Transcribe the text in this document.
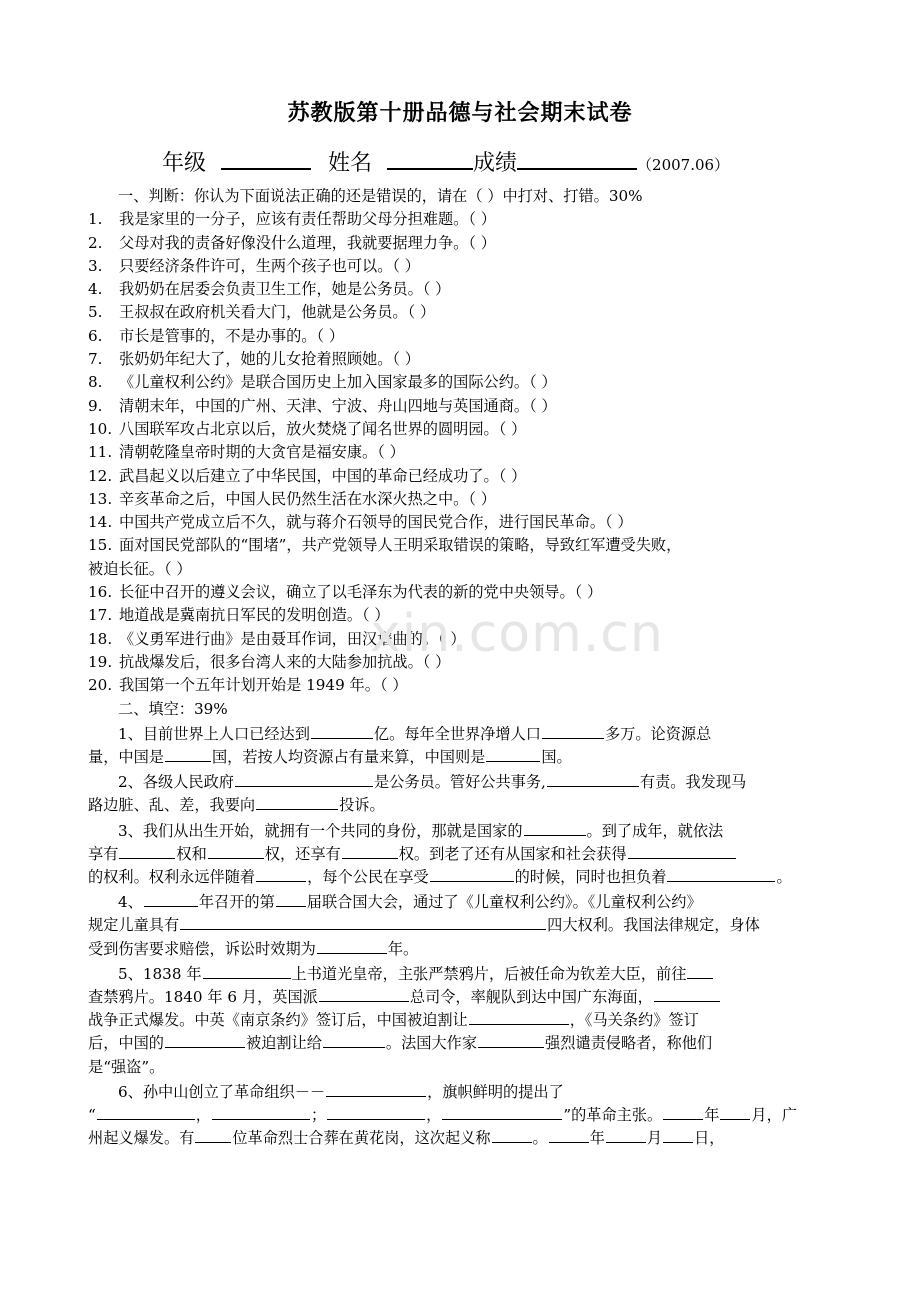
苏教版第十册品德与社会期末试卷
年级	姓名	成绩	（2007.06）
一、判断：你认为下面说法正确的还是错误的，请在（ ）中打对、打错。30%
1. 我是家里的一分子，应该有责任帮助父母分担难题。（ ）
2. 父母对我的责备好像没什么道理，我就要据理力争。（ ）
3. 只要经济条件许可，生两个孩子也可以。（ ）
4. 我奶奶在居委会负责卫生工作，她是公务员。（ ）
5. 王叔叔在政府机关看大门，他就是公务员。（ ）
6. 市长是管事的，不是办事的。（ ）
7. 张奶奶年纪大了，她的儿女抢着照顾她。（ ）
8. 《儿童权利公约》是联合国历史上加入国家最多的国际公约。（ ）
9. 清朝末年，中国的广州、天津、宁波、舟山四地与英国通商。（ ）
10. 八国联军攻占北京以后，放火焚烧了闻名世界的圆明园。（ ）
11. 清朝乾隆皇帝时期的大贪官是福安康。（ ）
12. 武昌起义以后建立了中华民国，中国的革命已经成功了。（ ）
13. 辛亥革命之后，中国人民仍然生活在水深火热之中。（ ）
14. 中国共产党成立后不久，就与蒋介石领导的国民党合作，进行国民革命。（ ）
15. 面对国民党部队的“围堵”，共产党领导人王明采取错误的策略，导致红军遭受失败，
被迫长征。（ ）
16. 长征中召开的遵义会议，确立了以毛泽东为代表的新的党中央领导。（ ）
17. 地道战是冀南抗日军民的发明创造。（ ）
18. 《义勇军进行曲》是由聂耳作词，田汉谱曲的。（ ）
19. 抗战爆发后，很多台湾人来的大陆参加抗战。（ ）
20. 我国第一个五年计划开始是 1949 年。（ ）
二、填空：39%

1、目前世界上人口已经达到	亿。每年全世界净增人口	多万。论资源总

量，中国是	国，若按人均资源占有量来算，中国则是	国。

2、各级人民政府	是公务员。管好公共事务,	有责。我发现马

路边脏、乱、差，我要向	投诉。

3、我们从出生开始，就拥有一个共同的身份，那就是国家的	。到了成年，就依法

享有	权和	权，还享有	权。到老了还有从国家和社会获得

的权利。权利永远伴随着	，每个公民在享受	的时候，同时也担负着	。

4、	年召开的第 届联合国大会，通过了《儿童权利公约》。《儿童权利公约》

规定儿童具有	四大权利。我国法律规定，身体

受到伤害要求赔偿，诉讼时效期为	年。

5、1838 年	上书道光皇帝，主张严禁鸦片，后被任命为钦差大臣，前往

查禁鸦片。1840 年 6 月，英国派	总司令，率舰队到达中国广东海面，

战争正式爆发。中英《南京条约》签订后，中国被迫割让	，《马关条约》签订

后，中国的	被迫割让给	。法国大作家	强烈谴责侵略者，称他们

是“强盗”。

6、孙中山创立了革命组织－－	，旗帜鲜明的提出了

“	，	；	，	”的革命主张。	年 月，广

州起义爆发。有	位革命烈士合葬在黄花岗，这次起义称	。	年	月 日，

xin.com.cn
